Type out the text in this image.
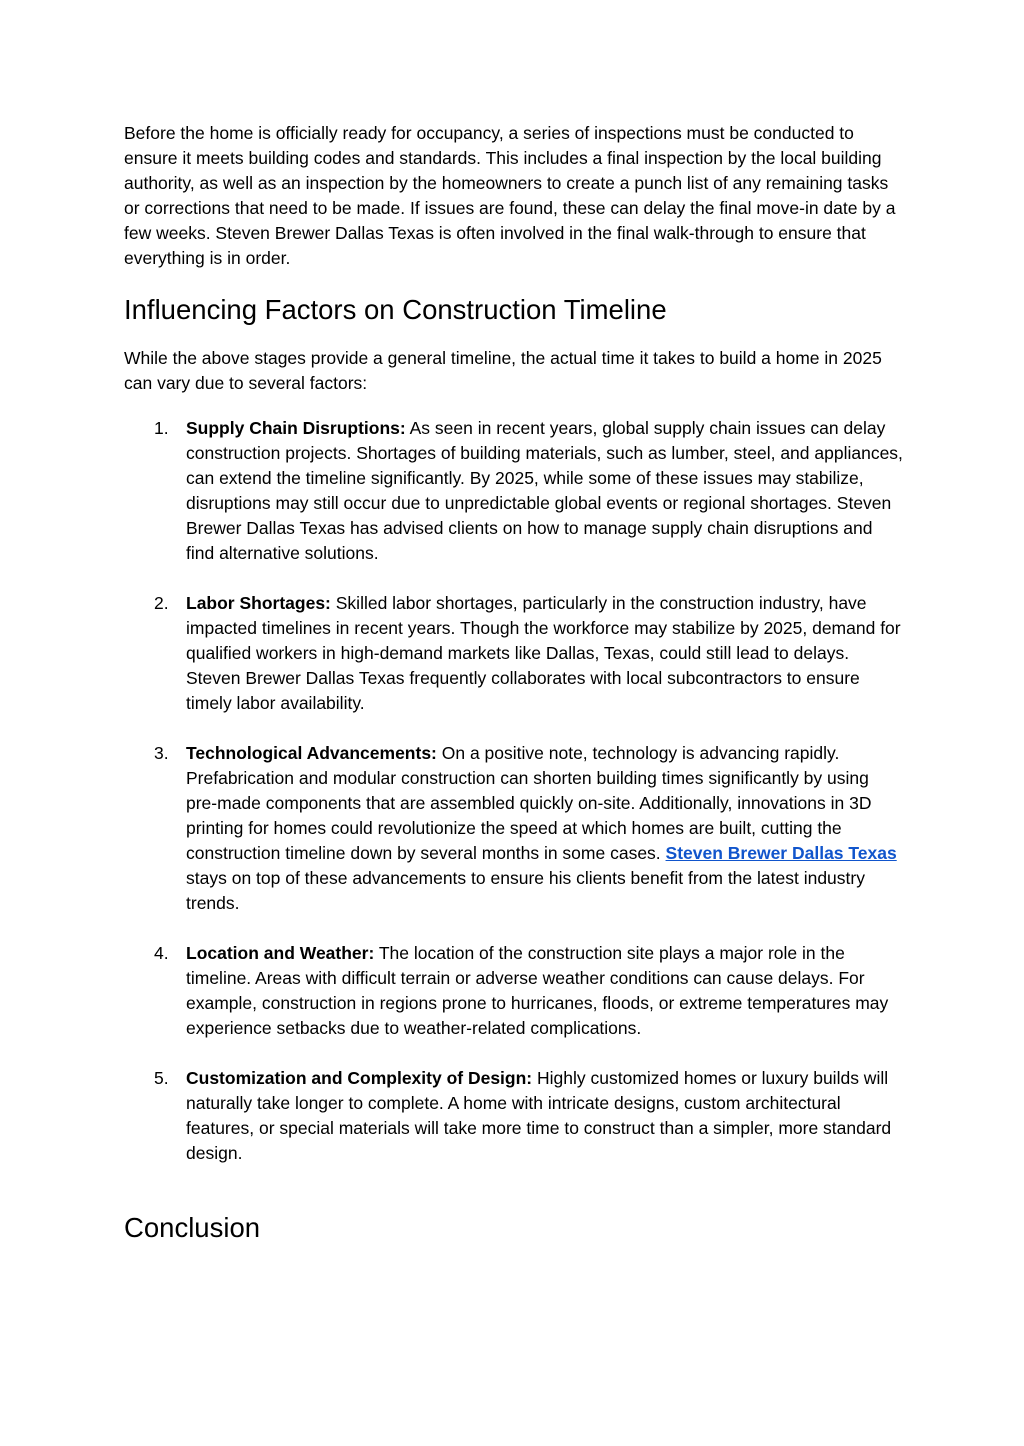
Before the home is officially ready for occupancy, a series of inspections must be conducted to ensure it meets building codes and standards. This includes a final inspection by the local building authority, as well as an inspection by the homeowners to create a punch list of any remaining tasks or corrections that need to be made. If issues are found, these can delay the final move-in date by a few weeks. Steven Brewer Dallas Texas is often involved in the final walk-through to ensure that everything is in order.

Influencing Factors on Construction Timeline

While the above stages provide a general timeline, the actual time it takes to build a home in 2025 can vary due to several factors:

1. Supply Chain Disruptions: As seen in recent years, global supply chain issues can delay construction projects. Shortages of building materials, such as lumber, steel, and appliances, can extend the timeline significantly. By 2025, while some of these issues may stabilize, disruptions may still occur due to unpredictable global events or regional shortages. Steven Brewer Dallas Texas has advised clients on how to manage supply chain disruptions and find alternative solutions.
2. Labor Shortages: Skilled labor shortages, particularly in the construction industry, have impacted timelines in recent years. Though the workforce may stabilize by 2025, demand for qualified workers in high-demand markets like Dallas, Texas, could still lead to delays. Steven Brewer Dallas Texas frequently collaborates with local subcontractors to ensure timely labor availability.
3. Technological Advancements: On a positive note, technology is advancing rapidly. Prefabrication and modular construction can shorten building times significantly by using pre-made components that are assembled quickly on-site. Additionally, innovations in 3D printing for homes could revolutionize the speed at which homes are built, cutting the construction timeline down by several months in some cases. Steven Brewer Dallas Texas stays on top of these advancements to ensure his clients benefit from the latest industry trends.
4. Location and Weather: The location of the construction site plays a major role in the timeline. Areas with difficult terrain or adverse weather conditions can cause delays. For example, construction in regions prone to hurricanes, floods, or extreme temperatures may experience setbacks due to weather-related complications.
5. Customization and Complexity of Design: Highly customized homes or luxury builds will naturally take longer to complete. A home with intricate designs, custom architectural features, or special materials will take more time to construct than a simpler, more standard design.
Conclusion
